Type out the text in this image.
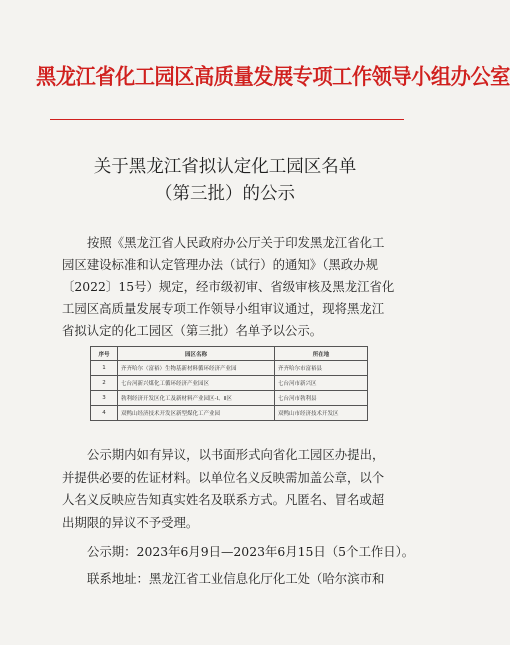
黑龙江省化工园区高质量发展专项工作领导小组办公室
关于黑龙江省拟认定化工园区名单
（第三批）的公示
按照《黑龙江省人民政府办公厅关于印发黑龙江省化工
园区建设标准和认定管理办法（试行）的通知》（黑政办规
〔2022〕15号）规定，经市级初审、省级审核及黑龙江省化
工园区高质量发展专项工作领导小组审议通过，现将黑龙江
省拟认定的化工园区（第三批）名单予以公示。
序号	园区名称	所在地
1	齐齐哈尔（富裕）生物基新材料循环经济产业园	齐齐哈尔市富裕县
2	七台河新兴煤化工循环经济产业园区	七台河市新兴区
3	勃利经济开发区化工及新材料产业园区-Ⅰ、Ⅱ区	七台河市勃利县
4	双鸭山经济技术开发区新型煤化工产业园	双鸭山市经济技术开发区
公示期内如有异议，以书面形式向省化工园区办提出，
并提供必要的佐证材料。以单位名义反映需加盖公章，以个
人名义反映应告知真实姓名及联系方式。凡匿名、冒名或超
出期限的异议不予受理。
公示期：2023年6月9日—2023年6月15日（5个工作日）。
联系地址：黑龙江省工业信息化厅化工处（哈尔滨市和
